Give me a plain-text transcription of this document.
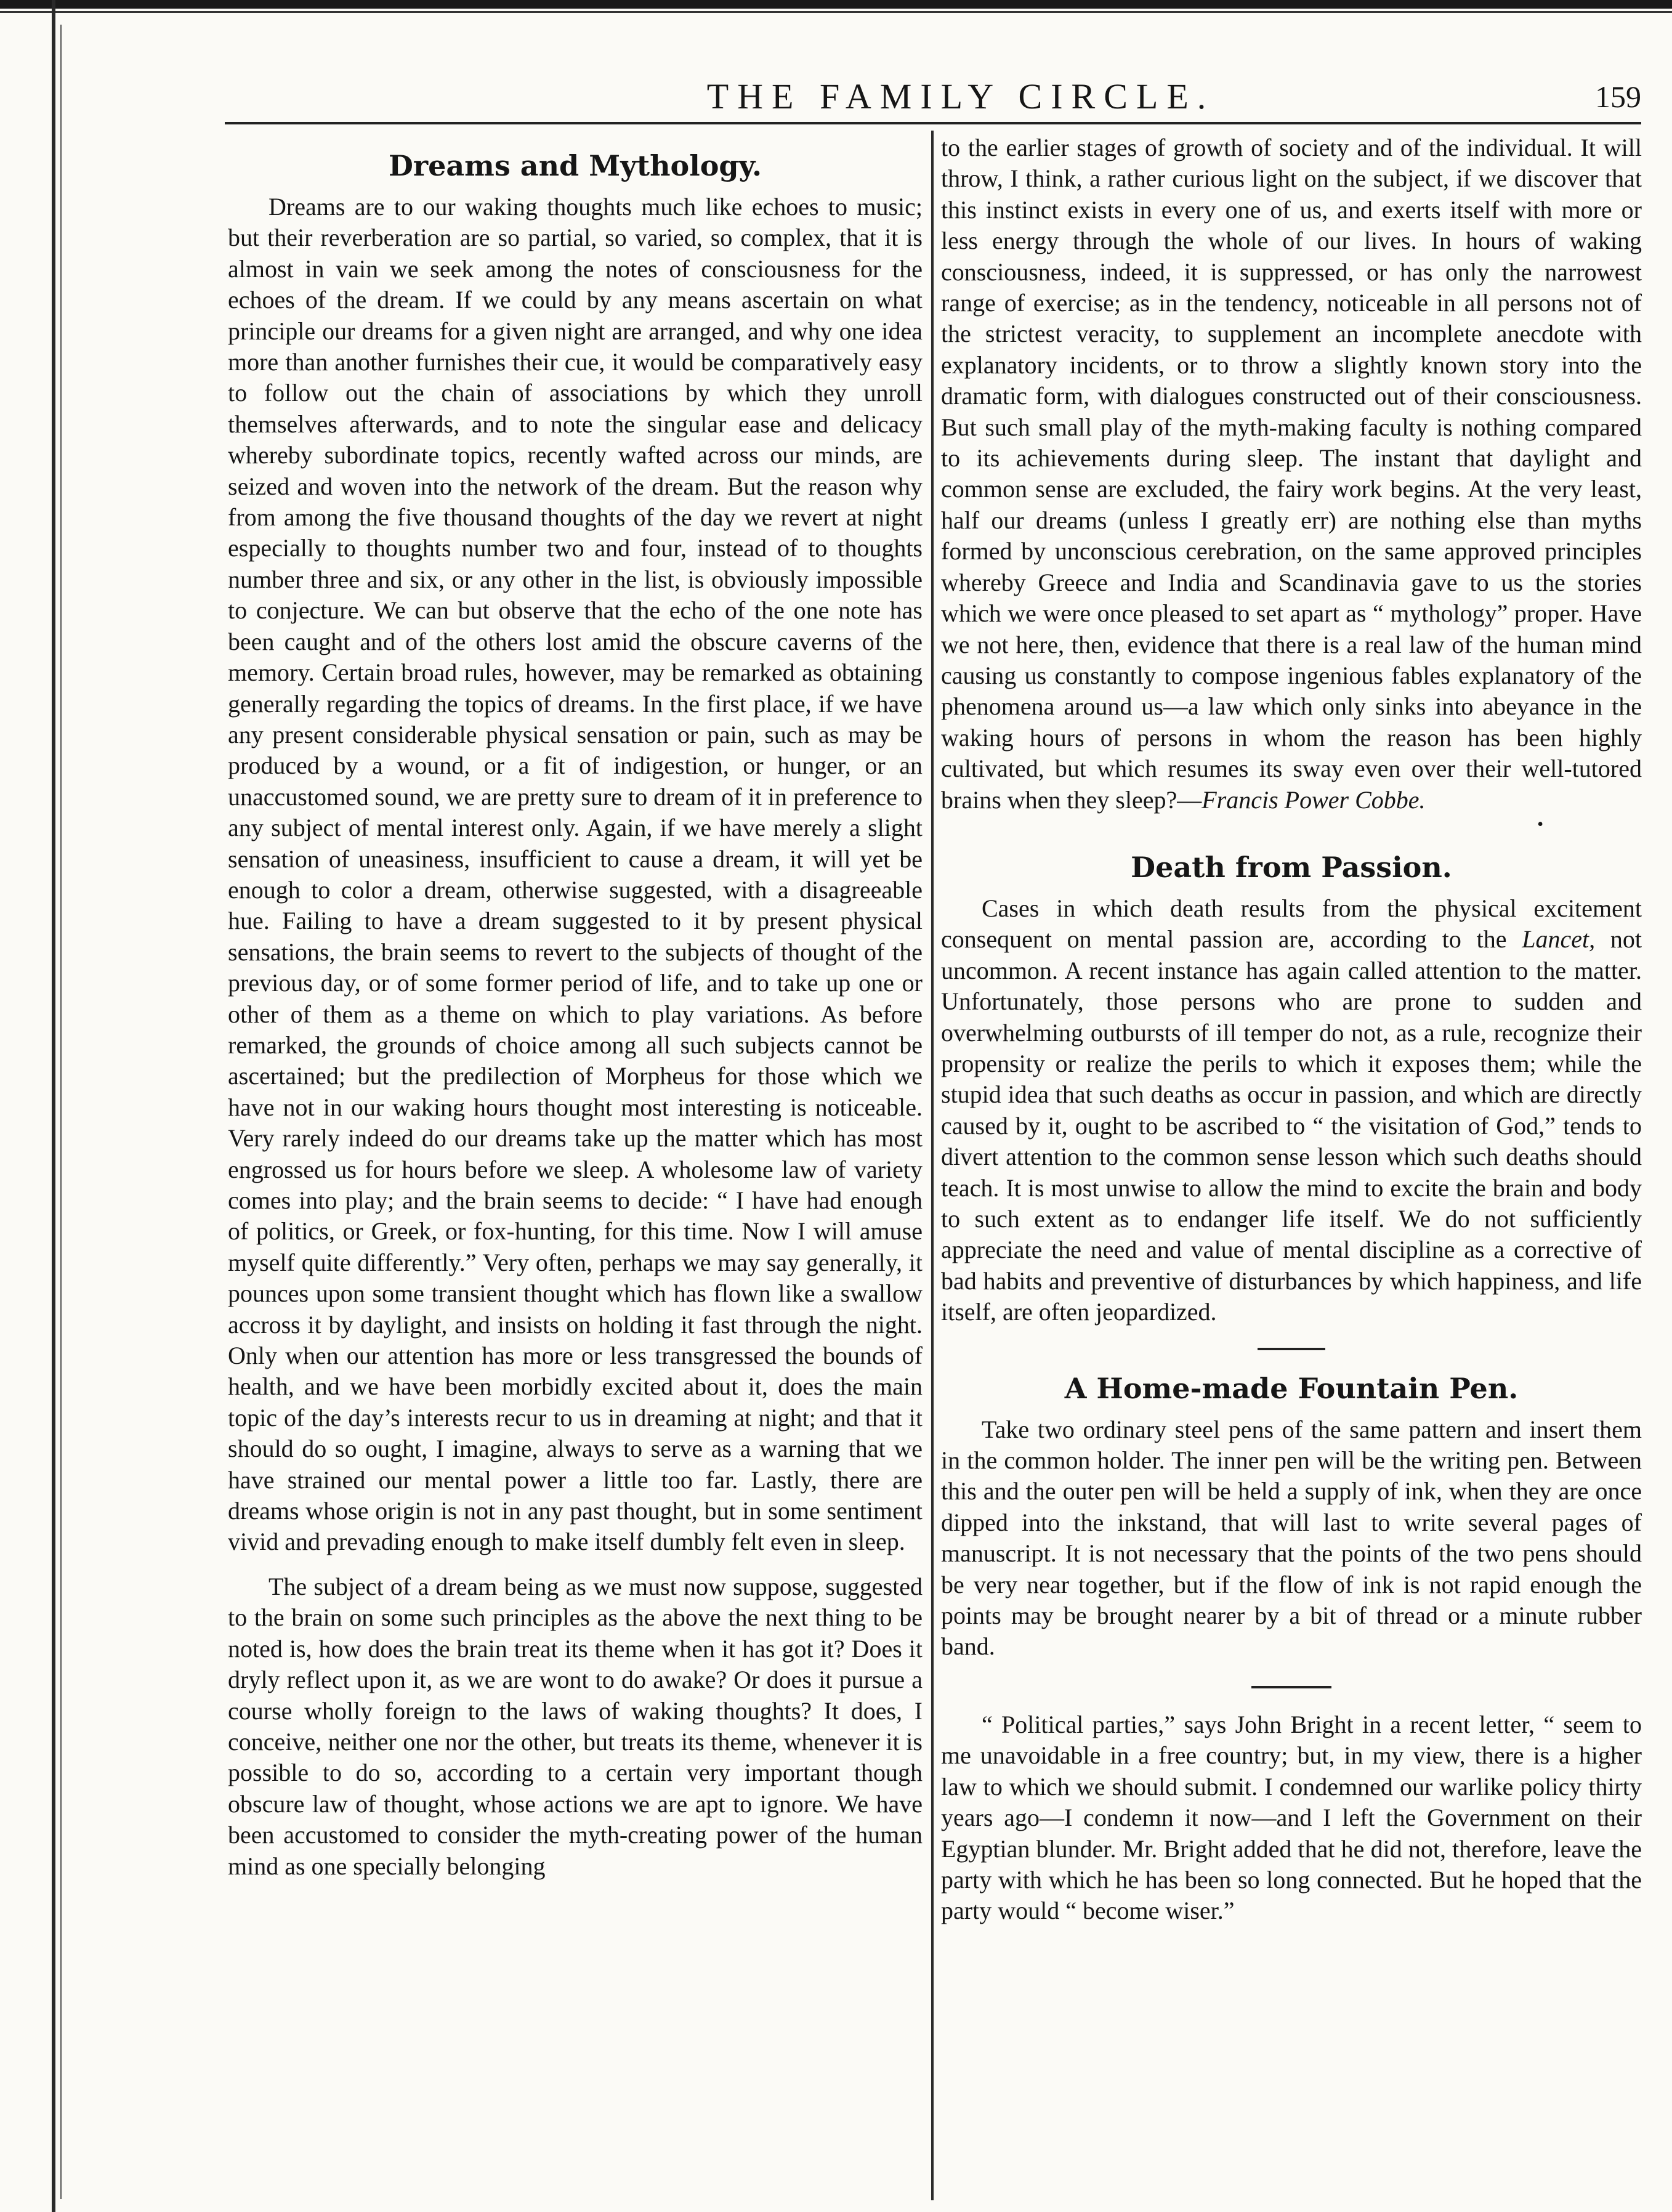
THE FAMILY CIRCLE.	159
Dreams and Mythology.

Dreams are to our waking thoughts much like echoes to music; but their reverberation are so partial, so varied, so complex, that it is almost in vain we seek among the notes of consciousness for the echoes of the dream. If we could by any means ascertain on what principle our dreams for a given night are arranged, and why one idea more than another furnishes their cue, it would be comparatively easy to follow out the chain of associations by which they unroll themselves afterwards, and to note the singular ease and delicacy whereby subordinate topics, recently wafted across our minds, are seized and woven into the network of the dream. But the reason why from among the five thousand thoughts of the day we revert at night especially to thoughts number two and four, instead of to thoughts number three and six, or any other in the list, is obviously impossible to conjecture. We can but observe that the echo of the one note has been caught and of the others lost amid the obscure caverns of the memory. Certain broad rules, however, may be remarked as obtaining generally regarding the topics of dreams. In the first place, if we have any present considerable physical sensation or pain, such as may be produced by a wound, or a fit of indigestion, or hunger, or an unaccustomed sound, we are pretty sure to dream of it in preference to any subject of mental interest only. Again, if we have merely a slight sensation of uneasiness, insufficient to cause a dream, it will yet be enough to color a dream, otherwise suggested, with a disagreeable hue. Failing to have a dream suggested to it by present physical sensations, the brain seems to revert to the subjects of thought of the previous day, or of some former period of life, and to take up one or other of them as a theme on which to play variations. As before remarked, the grounds of choice among all such subjects cannot be ascertained; but the predilection of Morpheus for those which we have not in our waking hours thought most interesting is noticeable. Very rarely indeed do our dreams take up the matter which has most engrossed us for hours before we sleep. A wholesome law of variety comes into play; and the brain seems to decide: “ I have had enough of politics, or Greek, or fox-hunting, for this time. Now I will amuse myself quite differently.” Very often, perhaps we may say generally, it pounces upon some transient thought which has flown like a swallow accross it by daylight, and insists on holding it fast through the night. Only when our attention has more or less transgressed the bounds of health, and we have been morbidly excited about it, does the main topic of the day’s interests recur to us in dreaming at night; and that it should do so ought, I imagine, always to serve as a warning that we have strained our mental power a little too far. Lastly, there are dreams whose origin is not in any past thought, but in some sentiment vivid and prevading enough to make itself dumbly felt even in sleep.

The subject of a dream being as we must now suppose, suggested to the brain on some such principles as the above the next thing to be noted is, how does the brain treat its theme when it has got it? Does it dryly reflect upon it, as we are wont to do awake? Or does it pursue a course wholly foreign to the laws of waking thoughts? It does, I conceive, neither one nor the other, but treats its theme, whenever it is possible to do so, according to a certain very important though obscure law of thought, whose actions we are apt to ignore. We have been accustomed to consider the myth-creating power of the human mind as one specially belonging

to the earlier stages of growth of society and of the individual. It will throw, I think, a rather curious light on the subject, if we discover that this instinct exists in every one of us, and exerts itself with more or less energy through the whole of our lives. In hours of waking consciousness, indeed, it is suppressed, or has only the narrowest range of exercise; as in the tendency, noticeable in all persons not of the strictest veracity, to supplement an incomplete anecdote with explanatory incidents, or to throw a slightly known story into the dramatic form, with dialogues constructed out of their consciousness. But such small play of the myth-making faculty is nothing compared to its achievements during sleep. The instant that daylight and common sense are excluded, the fairy work begins. At the very least, half our dreams (unless I greatly err) are nothing else than myths formed by unconscious cerebration, on the same approved principles whereby Greece and India and Scandinavia gave to us the stories which we were once pleased to set apart as “ mythology” proper. Have we not here, then, evidence that there is a real law of the human mind causing us constantly to compose ingenious fables explanatory of the phenomena around us—a law which only sinks into abeyance in the waking hours of persons in whom the reason has been highly cultivated, but which resumes its sway even over their well-tutored brains when they sleep?—Francis Power Cobbe.

•
Death from Passion.

Cases in which death results from the physical excitement consequent on mental passion are, according to the Lancet, not uncommon. A recent instance has again called attention to the matter. Unfortunately, those persons who are prone to sudden and overwhelming outbursts of ill temper do not, as a rule, recognize their propensity or realize the perils to which it exposes them; while the stupid idea that such deaths as occur in passion, and which are directly caused by it, ought to be ascribed to “ the visitation of God,” tends to divert attention to the common sense lesson which such deaths should teach. It is most unwise to allow the mind to excite the brain and body to such extent as to endanger life itself. We do not sufficiently appreciate the need and value of mental discipline as a corrective of bad habits and preventive of disturbances by which happiness, and life itself, are often jeopardized.

A Home-made Fountain Pen.

Take two ordinary steel pens of the same pattern and insert them in the common holder. The inner pen will be the writing pen. Between this and the outer pen will be held a supply of ink, when they are once dipped into the inkstand, that will last to write several pages of manuscript. It is not necessary that the points of the two pens should be very near together, but if the flow of ink is not rapid enough the points may be brought nearer by a bit of thread or a minute rubber band.

“ Political parties,” says John Bright in a recent letter, “ seem to me unavoidable in a free country; but, in my view, there is a higher law to which we should submit. I condemned our warlike policy thirty years ago—I condemn it now—and I left the Government on their Egyptian blunder. Mr. Bright added that he did not, therefore, leave the party with which he has been so long connected. But he hoped that the party would “ become wiser.”
